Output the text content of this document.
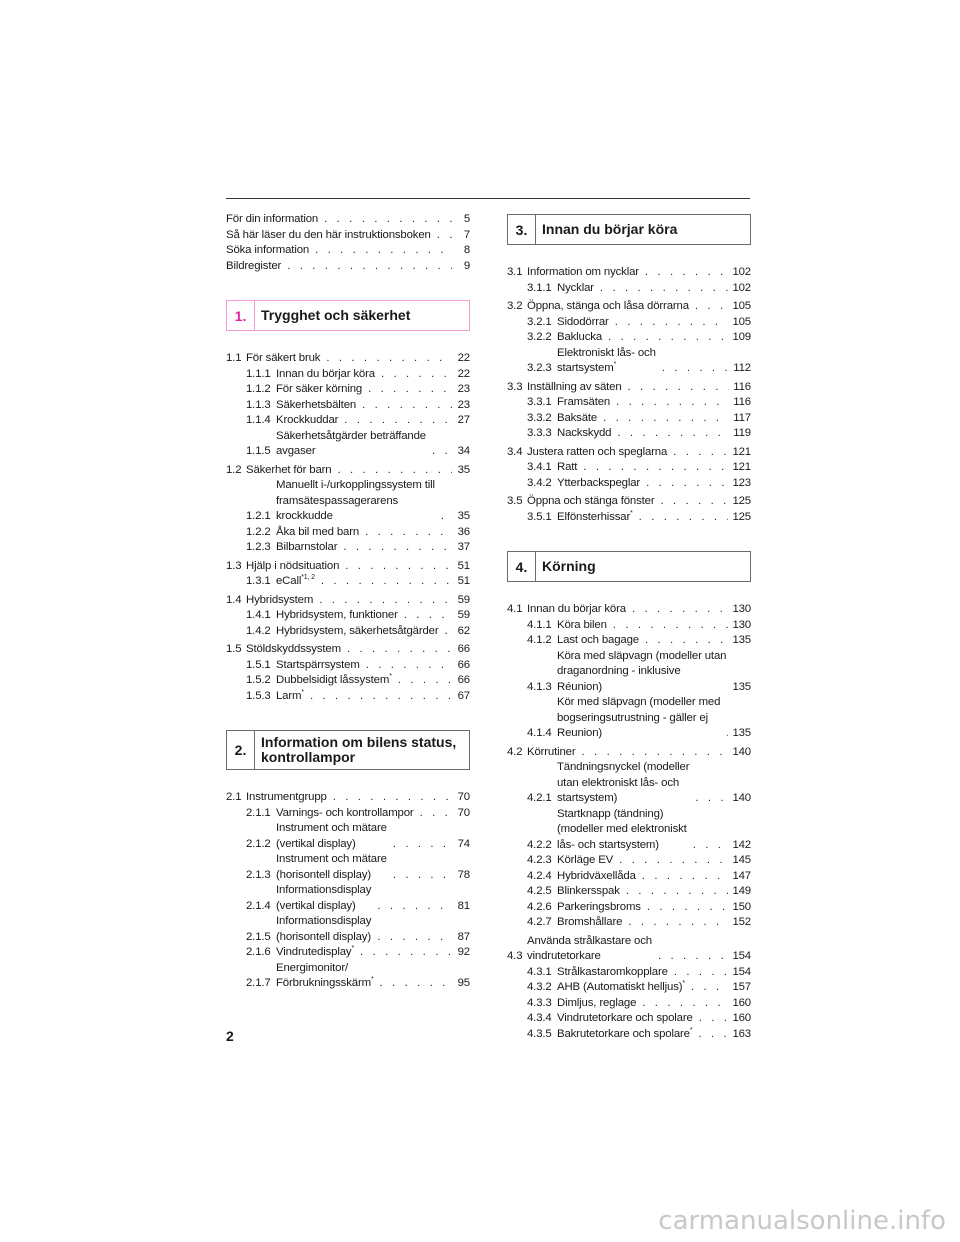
För din information . . .	5
Så här läser du den här instruktionsboken . . .	7
Söka information . . .	8
Bildregister . . .	9
1.	Trygghet och säkerhet
1.1 För säkert bruk . . .	22
1.1.1 Innan du börjar köra . . .	22
1.1.2 För säker körning . . .	23
1.1.3 Säkerhetsbälten . . .	23
1.1.4 Krockkuddar . . .	27
1.1.5
Säkerhetsåtgärder beträffande
avgaser . . .	34
1.2 Säkerhet för barn . . .	35
1.2.1
Manuellt i-/urkopplingssystem till
framsätespassagerarens
krockkudde . . .	35
1.2.2 Åka bil med barn . . .	36
1.2.3 Bilbarnstolar . . .	37
1.3 Hjälp i nödsituation . . .	51
1.3.1 eCall$^{*1, 2}$ . . .	51
1.4 Hybridsystem . . .	59
1.4.1 Hybridsystem, funktioner . . .	59
1.4.2 Hybridsystem, säkerhetsåtgärder . . . 62
1.5 Stöldskyddssystem . . .	66
1.5.1 Startspärrsystem . . .	66
1.5.2 Dubbelsidigt låssystem* . . .	66
1.5.3 Larm* . . .	67
2.	Information om bilens status, kontrollampor
2.1 Instrumentgrupp . . .	70
2.1.1 Varnings- och kontrollampor . . .	70
2.1.2
Instrument och mätare
(vertikal display) . . .	74
2.1.3
Instrument och mätare
(horisontell display) . . .	78
2.1.4
Informationsdisplay
(vertikal display) . . .	81
2.1.5
Informationsdisplay
(horisontell display) . . .	87
2.1.6 Vindrutedisplay* . . .	92
2.1.7
Energimonitor/
Förbrukningsskärm* . . .	95
3.	Innan du börjar köra
3.1 Information om nycklar . . .	102
3.1.1 Nycklar . . .	102
3.2 Öppna, stänga och låsa dörrarna . . .	105
3.2.1 Sidodörrar . . .	105
3.2.2 Baklucka . . .	109
3.2.3
Elektroniskt lås- och
startsystem* . . .	112
3.3 Inställning av säten . . .	116
3.3.1 Framsäten . . .	116
3.3.2 Baksäte . . .	117
3.3.3 Nackskydd . . .	119
3.4 Justera ratten och speglarna . . .	121
3.4.1 Ratt . . .	121
3.4.2 Ytterbackspeglar . . .	123
3.5 Öppna och stänga fönster . . .	125
3.5.1 Elfönsterhissar* . . .	125
4.	Körning
4.1 Innan du börjar köra . . .	130
4.1.1 Köra bilen . . .	130
4.1.2 Last och bagage . . .	135
4.1.3
Köra med släpvagn (modeller utan
draganordning - inklusive
Réunion)	135
4.1.4
Kör med släpvagn (modeller med
bogseringsutrustning - gäller ej
Reunion) . . .	135
4.2 Körrutiner . . .	140
4.2.1
Tändningsnyckel (modeller
utan elektroniskt lås- och
startsystem) . . .	140
4.2.2
Startknapp (tändning)
(modeller med elektroniskt
lås- och startsystem) . . .	142
4.2.3 Körläge EV . . .	145
4.2.4 Hybridväxellåda . . .	147
4.2.5 Blinkersspak . . .	149
4.2.6 Parkeringsbroms . . .	150
4.2.7 Bromshållare . . .	152
4.3
Använda strålkastare och
vindrutetorkare . . .	154
4.3.1 Strålkastaromkopplare . . .	154
4.3.2 AHB (Automatiskt helljus)* . . .	157
4.3.3 Dimljus, reglage . . .	160
4.3.4 Vindrutetorkare och spolare . . .	160
4.3.5 Bakrutetorkare och spolare* . . .	163
2
carmanualsonline.info
